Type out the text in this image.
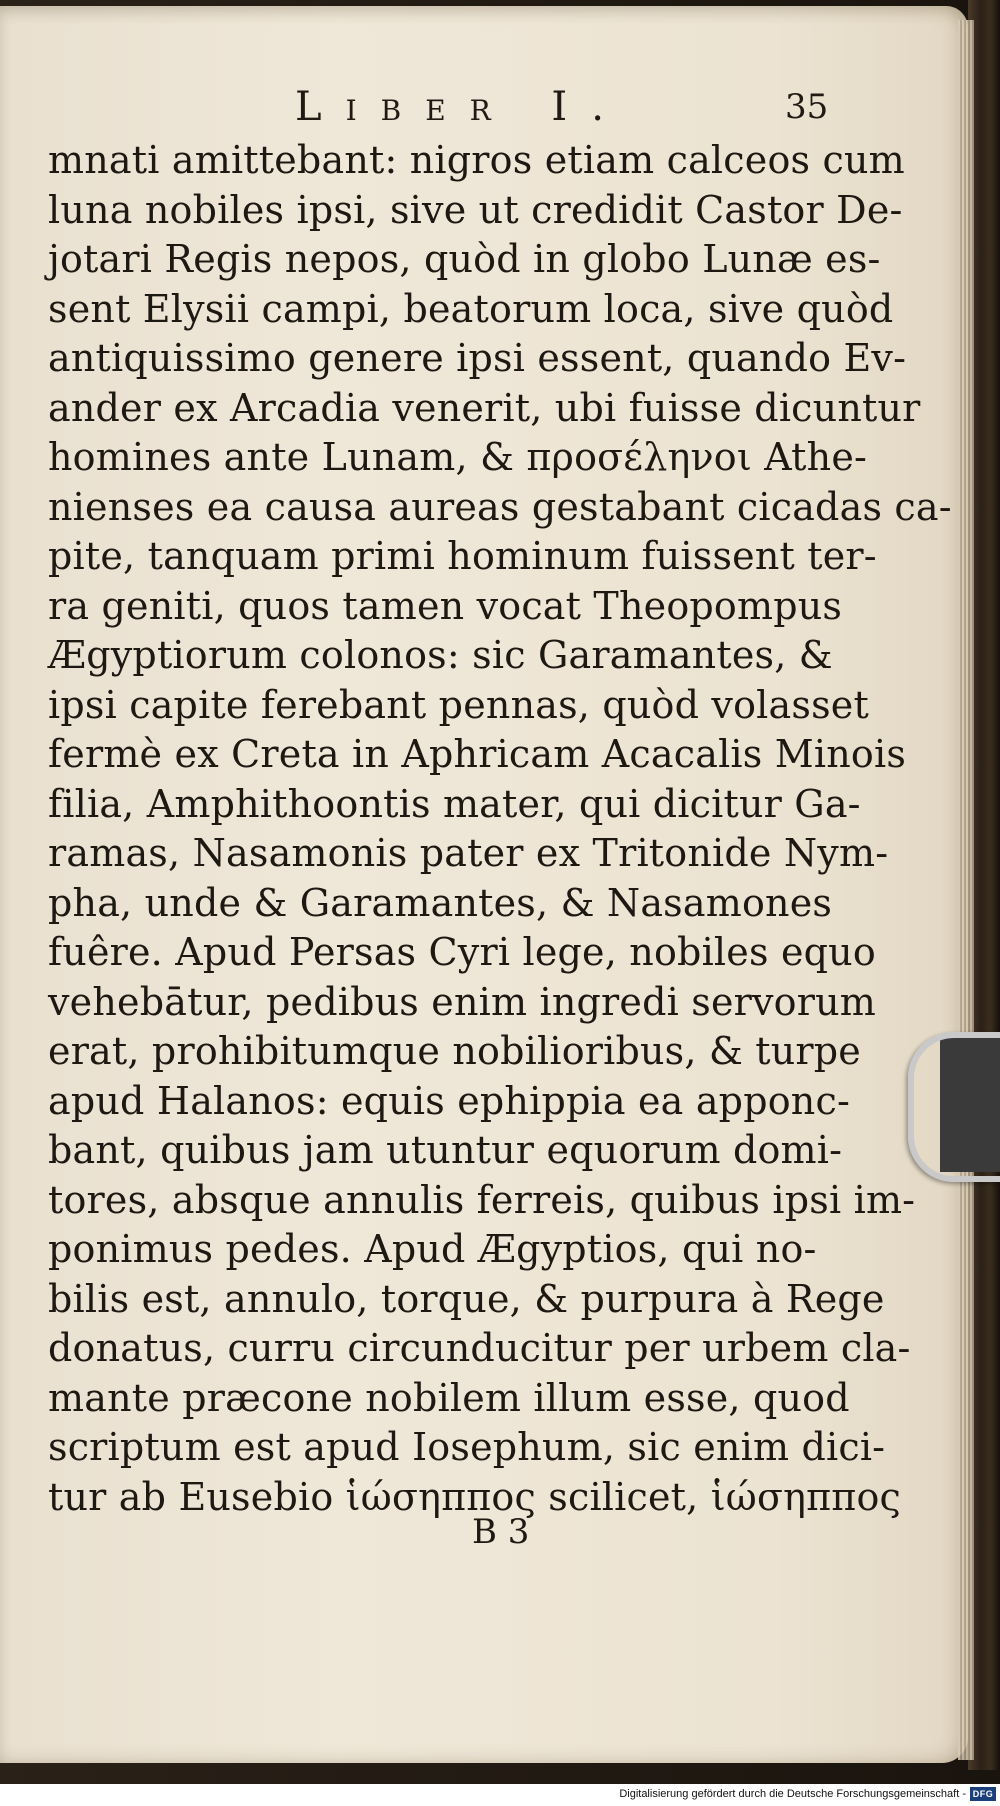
Liber I.	35
mnati amittebant: nigros etiam calceos cum
luna nobiles ipsi, sive ut credidit Castor De-
jotari Regis nepos, quòd in globo Lunæ es-
sent Elysii campi, beatorum loca, sive quòd
antiquissimo genere ipsi essent, quando Ev-
ander ex Arcadia venerit, ubi fuisse dicuntur
homines ante Lunam, & προσέληνοι Athe-
nienses ea causa aureas gestabant cicadas ca-
pite, tanquam primi hominum fuissent ter-
ra geniti, quos tamen vocat Theopompus
Ægyptiorum colonos: sic Garamantes, &
ipsi capite ferebant pennas, quòd volasset
fermè ex Creta in Aphricam Acacalis Minois
filia, Amphithoontis mater, qui dicitur Ga-
ramas, Nasamonis pater ex Tritonide Nym-
pha, unde & Garamantes, & Nasamones
fuêre. Apud Persas Cyri lege, nobiles equo
vehebātur, pedibus enim ingredi servorum
erat, prohibitumque nobilioribus, & turpe
apud Halanos: equis ephippia ea apponc-
bant, quibus jam utuntur equorum domi-
tores, absque annulis ferreis, quibus ipsi im-
ponimus pedes. Apud Ægyptios, qui no-
bilis est, annulo, torque, & purpura à Rege
donatus, curru circunducitur per urbem cla-
mante præcone nobilem illum esse, quod
scriptum est apud Iosephum, sic enim dici-
tur ab Eusebio ἱώσηππος scilicet, ἱώσηππος
B 3
Digitalisierung gefördert durch die Deutsche Forschungsgemeinschaft - DFG
